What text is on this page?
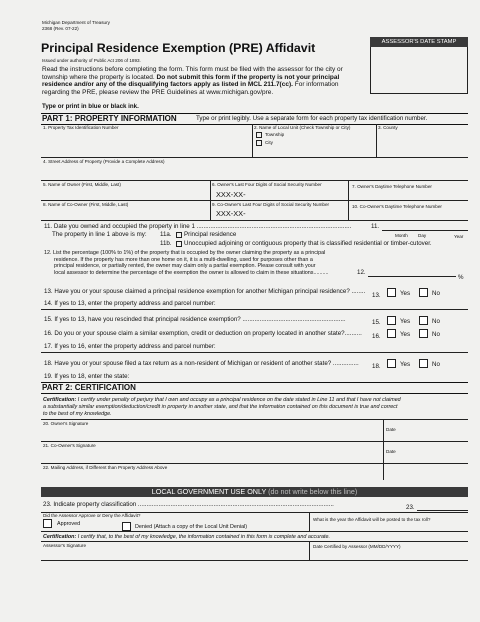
Michigan Department of Treasury
2368 (Rev. 07-22)
Principal Residence Exemption (PRE) Affidavit
Issued under authority of Public Act 206 of 1893.
ASSESSOR'S DATE STAMP
Read the instructions before completing the form. This form must be filed with the assessor for the city or
township where the property is located. Do not submit this form if the property is not your principal
residence and/or any of the disqualifying factors apply as listed in MCL 211.7(cc). For information
regarding the PRE, please review the PRE Guidelines at www.michigan.gov/pre.
Type or print in blue or black ink.
PART 1: PROPERTY INFORMATION	Type or print legibly. Use a separate form for each property tax identification number.
1. Property Tax Identification Number	2. Name of Local Unit (Check Township or City)
Township
City
3. County
4. Street Address of Property (Provide a Complete Address)
5. Name of Owner (First, Middle, Last)	6. Owner's Last Four Digits of Social Security Number
XXX-XX-
7. Owner's Daytime Telephone Number
8. Name of Co-Owner (First, Middle, Last)	9. Co-Owner's Last Four Digits of Social Security Number
XXX-XX-
10. Co-Owner's Daytime Telephone Number
11. Date you owned and occupied the property in line 1 ..........................................................................................	11.
Month Day	Year
The property in line 1 above is my: 11a. Principal residence
11b. Unoccupied adjoining or contiguous property that is classified residential or timber-cutover.
12. List the percentage (100% to 1%) of the property that is occupied by the owner claiming the property as a principal
residence. If the property has more than one home on it, it is a multi-dwelling, used for purposes other than a
principal residence, or partially rented, the owner may claim only a partial exemption. Please consult with your
local assessor to determine the percentage of the exemption the owner is allowed to claim in these situations..........	12.
%
13. Have you or your spouse claimed a principal residence exemption for another Michigan principal residence? ........
13.	Yes	No
14. If yes to 13, enter the property address and parcel number:
15. If yes to 13, have you rescinded that principal residence exemption? ............................................................	15.	Yes	No
16. Do you or your spouse claim a similar exemption, credit or deduction on property located in another state?..........	16.	Yes	No
17. If yes to 16, enter the property address and parcel number:
18. Have you or your spouse filed a tax return as a non-resident of Michigan or resident of another state? ...............	18.	Yes	No
19. If yes to 18, enter the state:
PART 2: CERTIFICATION
Certification: I certify under penalty of perjury that I own and occupy as a principal residence on the date stated in Line 11 and that I have not claimed
a substantially similar exemption/deduction/credit in property in another state, and that the information contained on this document is true and correct
to the best of my knowledge.
20. Owner's Signature
Date
21. Co-Owner's Signature
Date
22. Mailing Address, if Different than Property Address Above
LOCAL GOVERNMENT USE ONLY (do not write below this line)
23. Indicate property classification ..................................................................................................................	23.
Did the Assessor Approve or Deny the Affidavit?
Approved	Denied (Attach a copy of the Local Unit Denial)
What is the year the Affidavit will be posted to the tax roll?
Certification: I certify that, to the best of my knowledge, the information contained in this form is complete and accurate.
Assessor's Signature	Date Certified by Assessor (MM/DD/YYYY)
